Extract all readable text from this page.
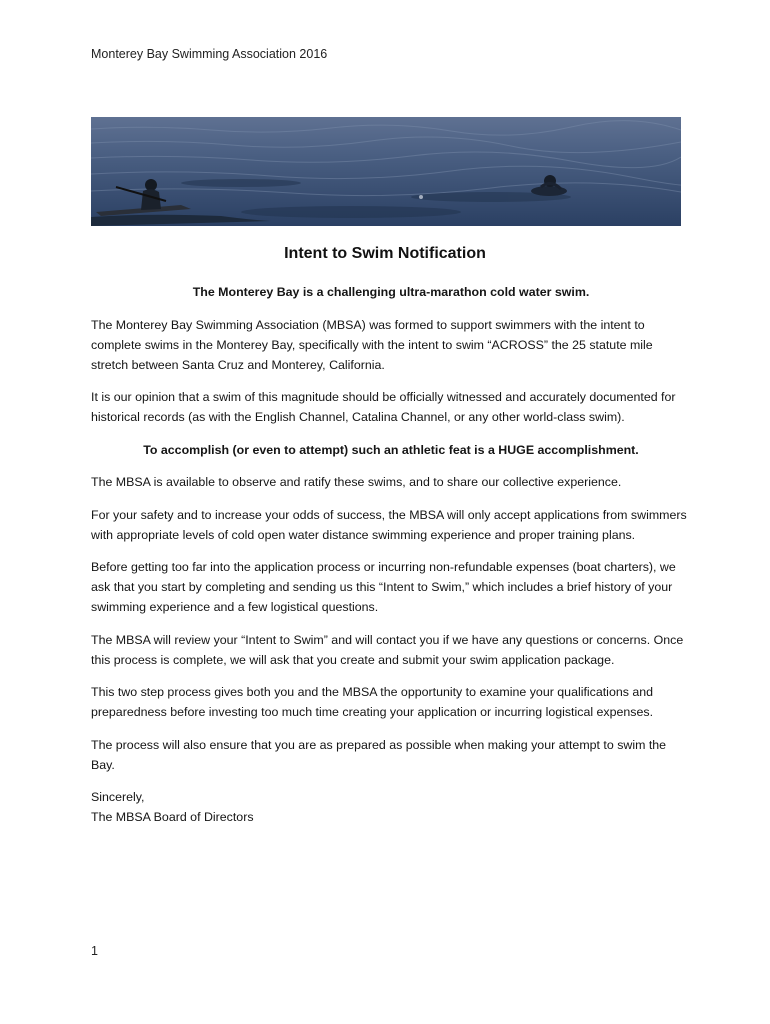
Monterey Bay Swimming Association 2016
Intent to Swim Notification

The Monterey Bay is a challenging ultra-marathon cold water swim.

The Monterey Bay Swimming Association (MBSA) was formed to support swimmers with the intent to complete swims in the Monterey Bay, specifically with the intent to swim “ACROSS” the 25 statute mile stretch between Santa Cruz and Monterey, California.

It is our opinion that a swim of this magnitude should be officially witnessed and accurately documented for historical records (as with the English Channel, Catalina Channel, or any other world-class swim).

To accomplish (or even to attempt) such an athletic feat is a HUGE accomplishment.

The MBSA is available to observe and ratify these swims, and to share our collective experience.

For your safety and to increase your odds of success, the MBSA will only accept applications from swimmers with appropriate levels of cold open water distance swimming experience and proper training plans.

Before getting too far into the application process or incurring non-refundable expenses (boat charters), we ask that you start by completing and sending us this “Intent to Swim,” which includes a brief history of your swimming experience and a few logistical questions.

The MBSA will review your “Intent to Swim” and will contact you if we have any questions or concerns. Once this process is complete, we will ask that you create and submit your swim application package.

This two step process gives both you and the MBSA the opportunity to examine your qualifications and preparedness before investing too much time creating your application or incurring logistical expenses.

The process will also ensure that you are as prepared as possible when making your attempt to swim the Bay.

Sincerely,

The MBSA Board of Directors

1
